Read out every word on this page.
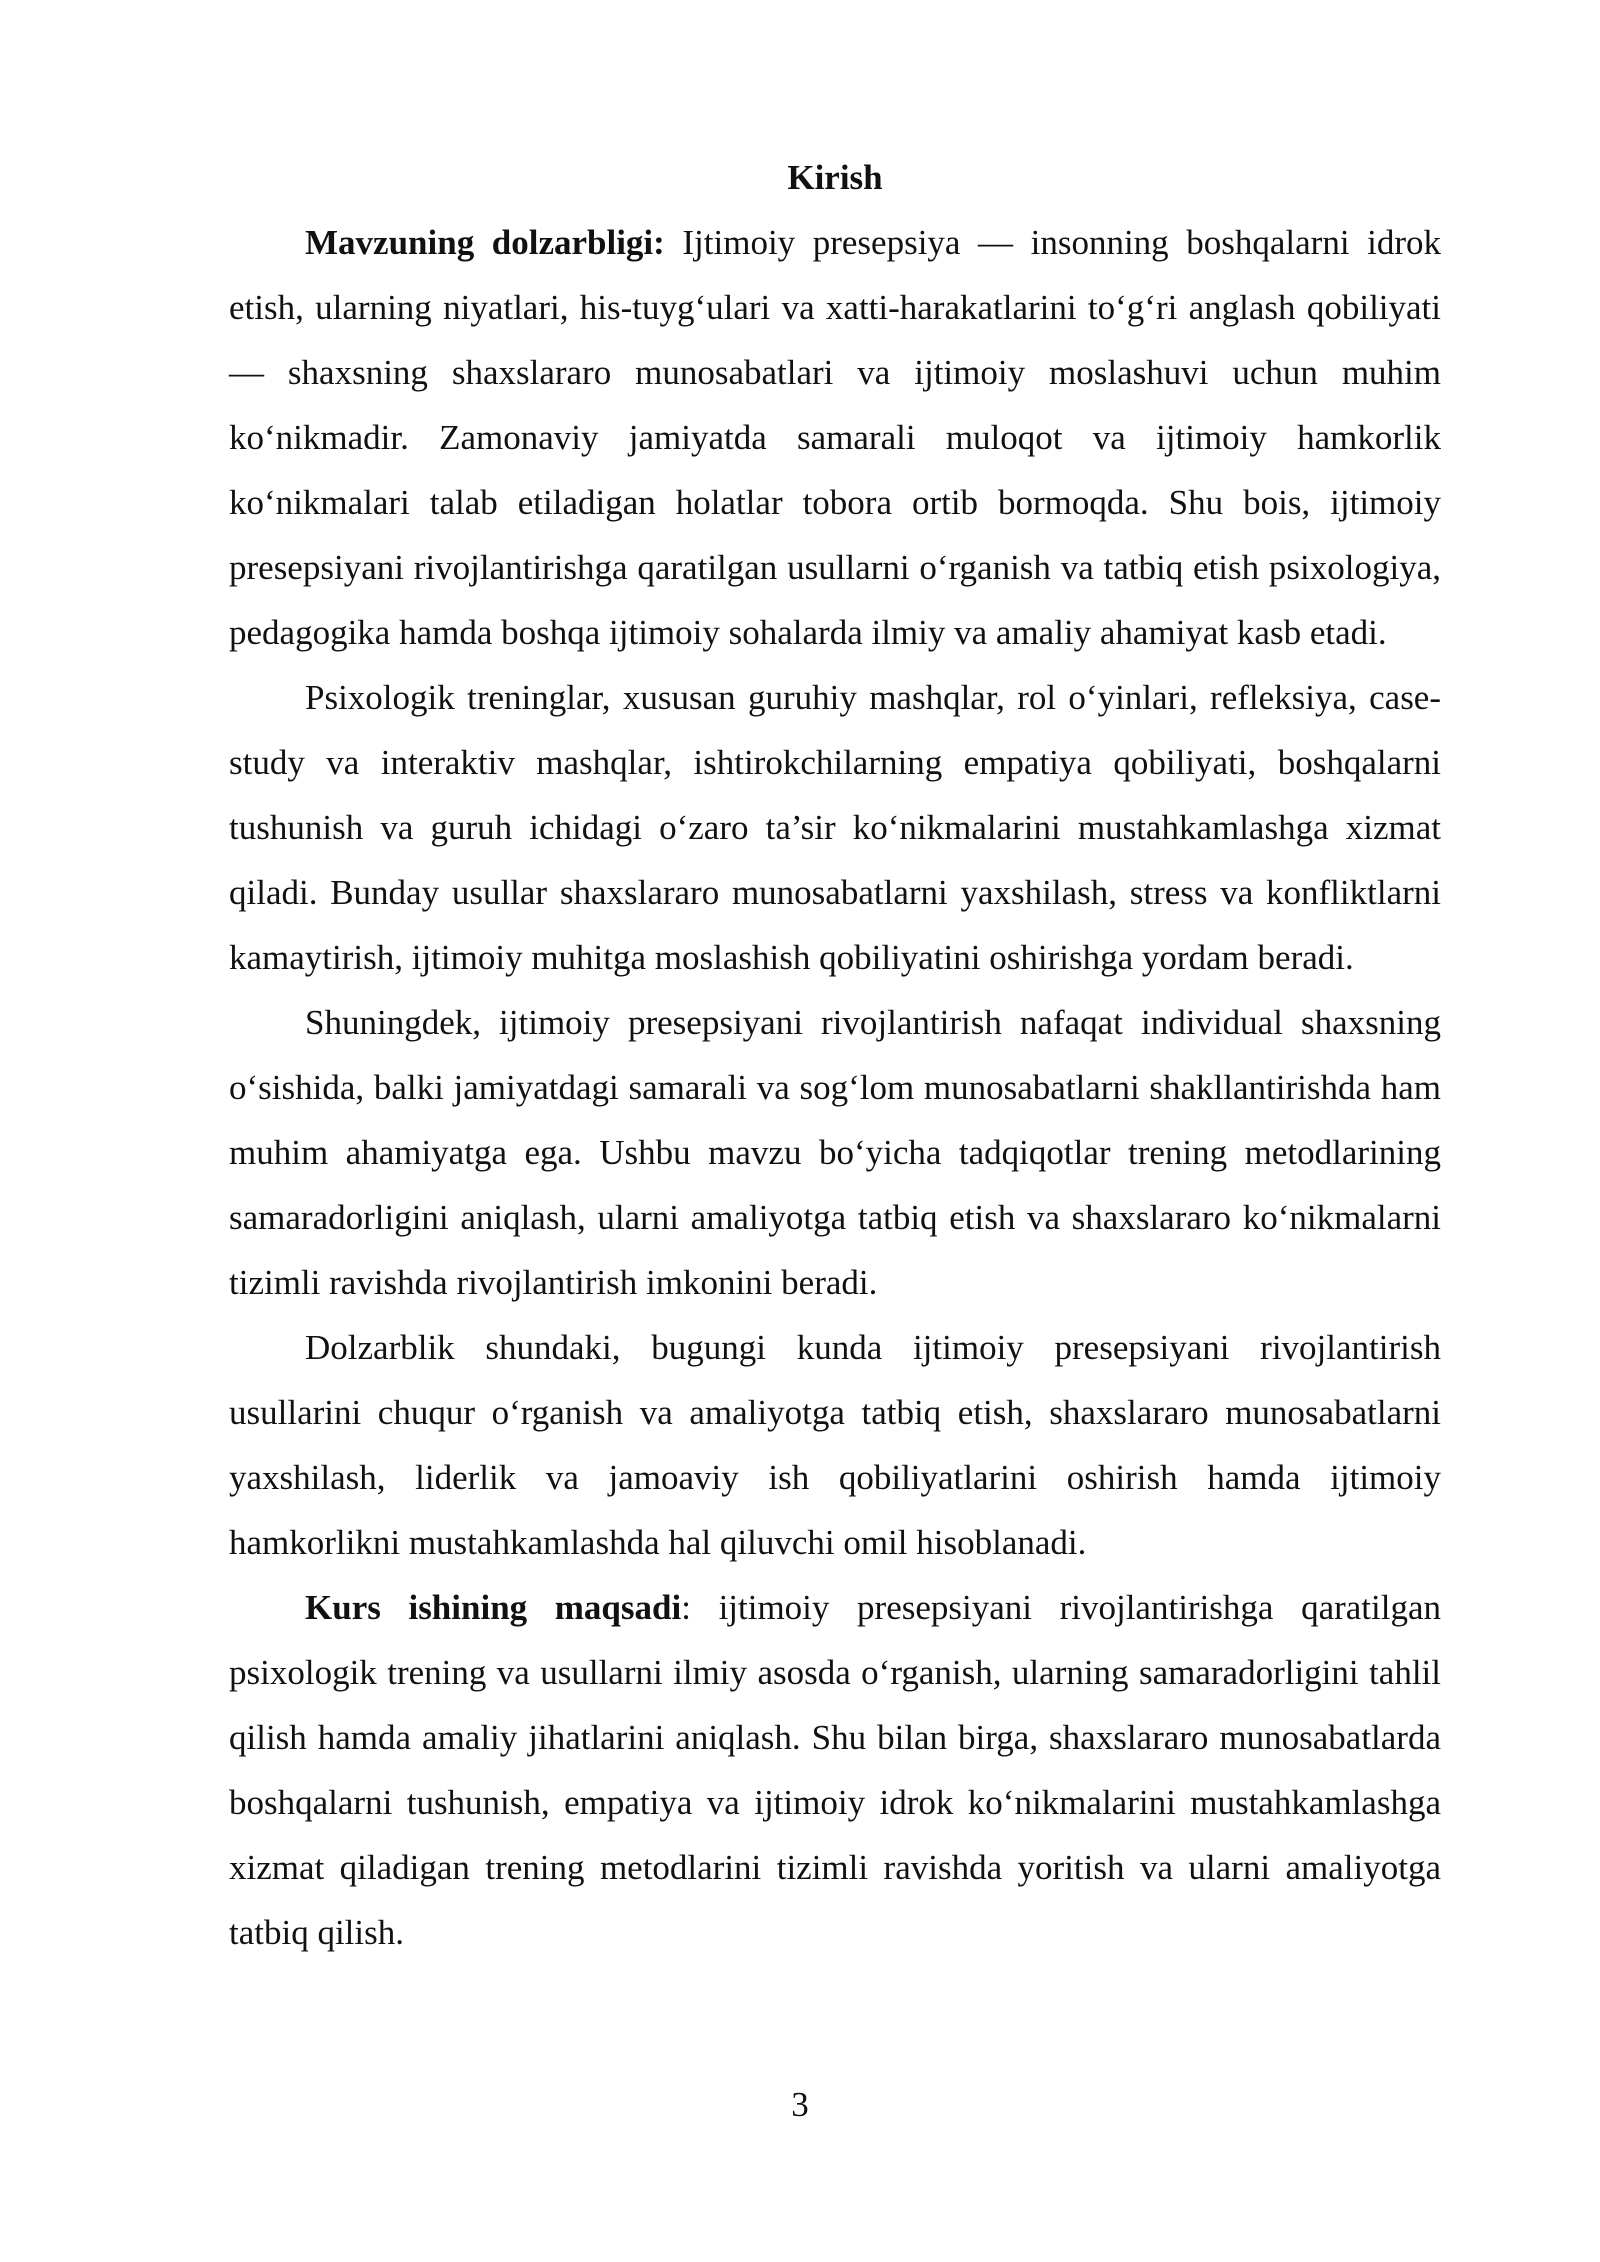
Kirish

Mavzuning dolzarbligi: Ijtimoiy presepsiya — insonning boshqalarni idrok etish, ularning niyatlari, his-tuyg‘ulari va xatti-harakatlarini to‘g‘ri anglash qobiliyati — shaxsning shaxslararo munosabatlari va ijtimoiy moslashuvi uchun muhim ko‘nikmadir. Zamonaviy jamiyatda samarali muloqot va ijtimoiy hamkorlik ko‘nikmalari talab etiladigan holatlar tobora ortib bormoqda. Shu bois, ijtimoiy presepsiyani rivojlantirishga qaratilgan usullarni o‘rganish va tatbiq etish psixologiya, pedagogika hamda boshqa ijtimoiy sohalarda ilmiy va amaliy ahamiyat kasb etadi.

Psixologik treninglar, xususan guruhiy mashqlar, rol o‘yinlari, refleksiya, case-study va interaktiv mashqlar, ishtirokchilarning empatiya qobiliyati, boshqalarni tushunish va guruh ichidagi o‘zaro ta’sir ko‘nikmalarini mustahkamlashga xizmat qiladi. Bunday usullar shaxslararo munosabatlarni yaxshilash, stress va konfliktlarni kamaytirish, ijtimoiy muhitga moslashish qobiliyatini oshirishga yordam beradi.

Shuningdek, ijtimoiy presepsiyani rivojlantirish nafaqat individual shaxsning o‘sishida, balki jamiyatdagi samarali va sog‘lom munosabatlarni shakllantirishda ham muhim ahamiyatga ega. Ushbu mavzu bo‘yicha tadqiqotlar trening metodlarining samaradorligini aniqlash, ularni amaliyotga tatbiq etish va shaxslararo ko‘nikmalarni tizimli ravishda rivojlantirish imkonini beradi.

Dolzarblik shundaki, bugungi kunda ijtimoiy presepsiyani rivojlantirish usullarini chuqur o‘rganish va amaliyotga tatbiq etish, shaxslararo munosabatlarni yaxshilash, liderlik va jamoaviy ish qobiliyatlarini oshirish hamda ijtimoiy hamkorlikni mustahkamlashda hal qiluvchi omil hisoblanadi.

Kurs ishining maqsadi: ijtimoiy presepsiyani rivojlantirishga qaratilgan psixologik trening va usullarni ilmiy asosda o‘rganish, ularning samaradorligini tahlil qilish hamda amaliy jihatlarini aniqlash. Shu bilan birga, shaxslararo munosabatlarda boshqalarni tushunish, empatiya va ijtimoiy idrok ko‘nikmalarini mustahkamlashga xizmat qiladigan trening metodlarini tizimli ravishda yoritish va ularni amaliyotga tatbiq qilish.

3
